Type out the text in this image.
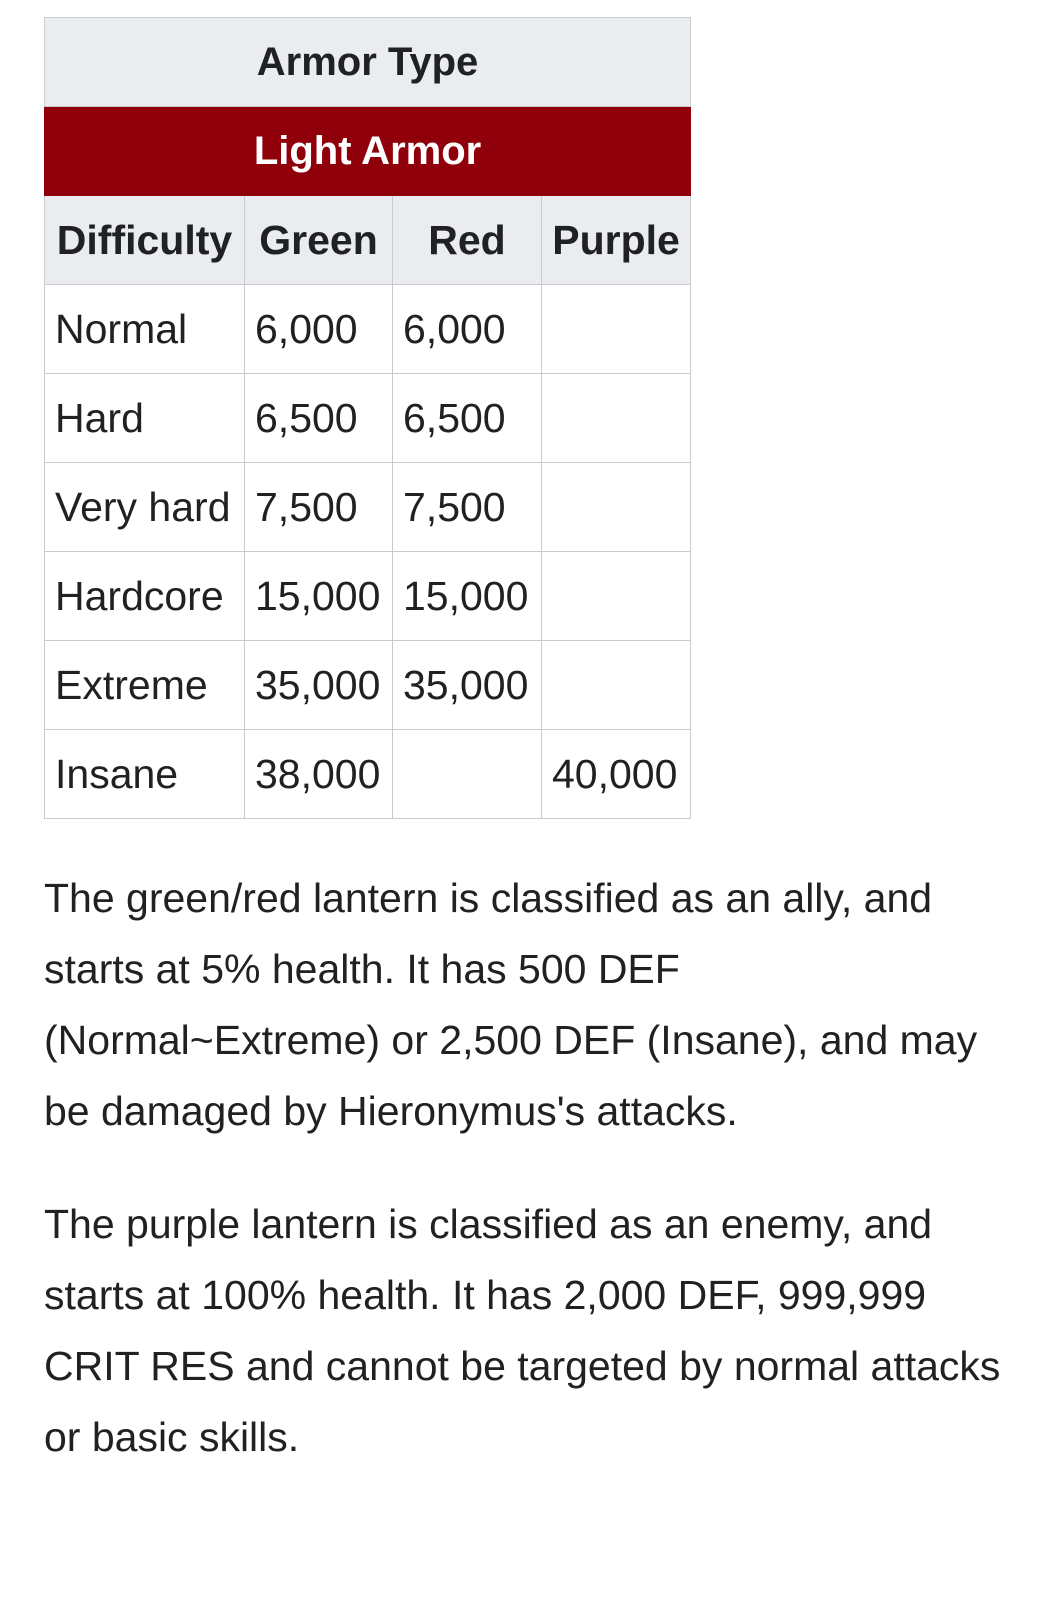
Armor Type			
Light Armor			
Difficulty	Green	Red	Purple
Normal	6,000	6,000	
Hard	6,500	6,500	
Very hard	7,500	7,500	
Hardcore	15,000	15,000	
Extreme	35,000	35,000	
Insane	38,000		40,000

The green/red lantern is classified as an ally, and starts at 5% health. It has 500 DEF (Normal~Extreme) or 2,500 DEF (Insane), and may be damaged by Hieronymus's attacks.

The purple lantern is classified as an enemy, and starts at 100% health. It has 2,000 DEF, 999,999 CRIT RES and cannot be targeted by normal attacks or basic skills.
